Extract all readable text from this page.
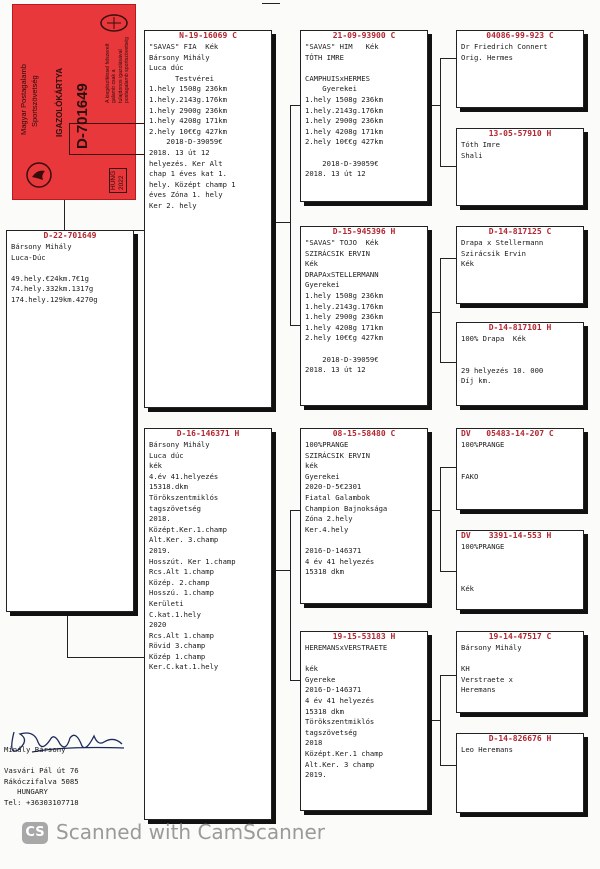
Magyar Postagalamb Sportszövetség IGAZOLÓKÁRTYA D-701649	A kiegészítéssel felszerelt
galamb csak a
tulajdonos igazolásával
postagalamb sportszövetség
HUNG
2022
D-22-701649
Bársony Mihály
Luca-Dúc

49.hely.€24km.7€1g
74.hely.332km.1317g
174.hely.129km.4270g
N-19-16069 C
"SAVAS" FIA  Kék
Bársony Mihály
Luca dúc
Testvérei
1.hely 1508g 236km
1.hely.2143g.176km
1.hely 2900g 236km
1.hely 4208g 171km
2.hely 10€€g 427km
2018-D-39059€
2018. 13 út 12
helyezés. Ker Alt
chap 1 éves kat 1.
hely. Középt champ 1
éves Zóna 1. hely
Ker 2. hely
D-16-146371 H
Bársony Mihály
Luca dúc
kék
4.év 41.helyezés
15318.dkm
Törökszentmiklós
tagszövetség
2018.
Középt.Ker.1.champ
Alt.Ker. 3.champ
2019.
Hosszút. Ker 1.champ
Rcs.Alt 1.champ
Közép. 2.champ
Hosszú. 1.champ
Kerületi
C.kat.1.hely
2020
Rcs.Alt 1.champ
Rövid 3.champ
Közép 1.champ
Ker.C.kat.1.hely
21-09-93900 C
"SAVAS" HIM   Kék
TÓTH IMRE

CAMPHUISxHERMES
Gyerekei
1.hely 1508g 236km
1.hely.2143g.176km
1.hely 2900g 236km
1.hely 4208g 171km
2.hely 10€€g 427km

2018-D-39059€
2018. 13 út 12
D-15-945396 H
"SAVAS" TOJO  Kék
SZIRÁCSIK ERVIN
Kék
DRAPAxSTELLERMANN
Gyerekei
1.hely 1508g 236km
1.hely.2143g.176km
1.hely 2900g 236km
1.hely 4208g 171km
2.hely 10€€g 427km

2018-D-39059€
2018. 13 út 12
08-15-58480 C
100%PRANGE
SZIRÁCSIK ERVIN
kék
Gyerekei
2020-D-5€2301
Fiatal Galambok
Champion Bajnoksága
Zóna 2.hely
Ker.4.hely

2016-D-146371
4 év 41 helyezés
15318 dkm
19-15-53183 H
HEREMANSxVERSTRAETE

kék
Gyereke
2016-D-146371
4 év 41 helyezés
15318 dkm
Törökszentmiklós
tagszövetség
2018
Középt.Ker.1 champ
Alt.Ker. 3 champ
2019.
04086-99-923 C
Dr Friedrich Connert
Orig. Hermes
13-05-57910 H
Tóth Imre
Shali
D-14-817125 C
Drapa x Stellermann
Szirácsik Ervin
Kék
D-14-817101 H
100% Drapa  Kék

29 helyezés 10. 000
Díj km.
DV 05483-14-207 C
100%PRANGE

FAKO
DV 3391-14-553 H
100%PRANGE

Kék
19-14-47517 C
Bársony Mihály

KH
Verstraete x
Heremans
D-14-826676 H
Leo Heremans
Minály Bársony

Vasvári Pál út 76
Rákóczifalva 5085
HUNGARY
Tel: +36303107718
CS Scanned with CamScanner
